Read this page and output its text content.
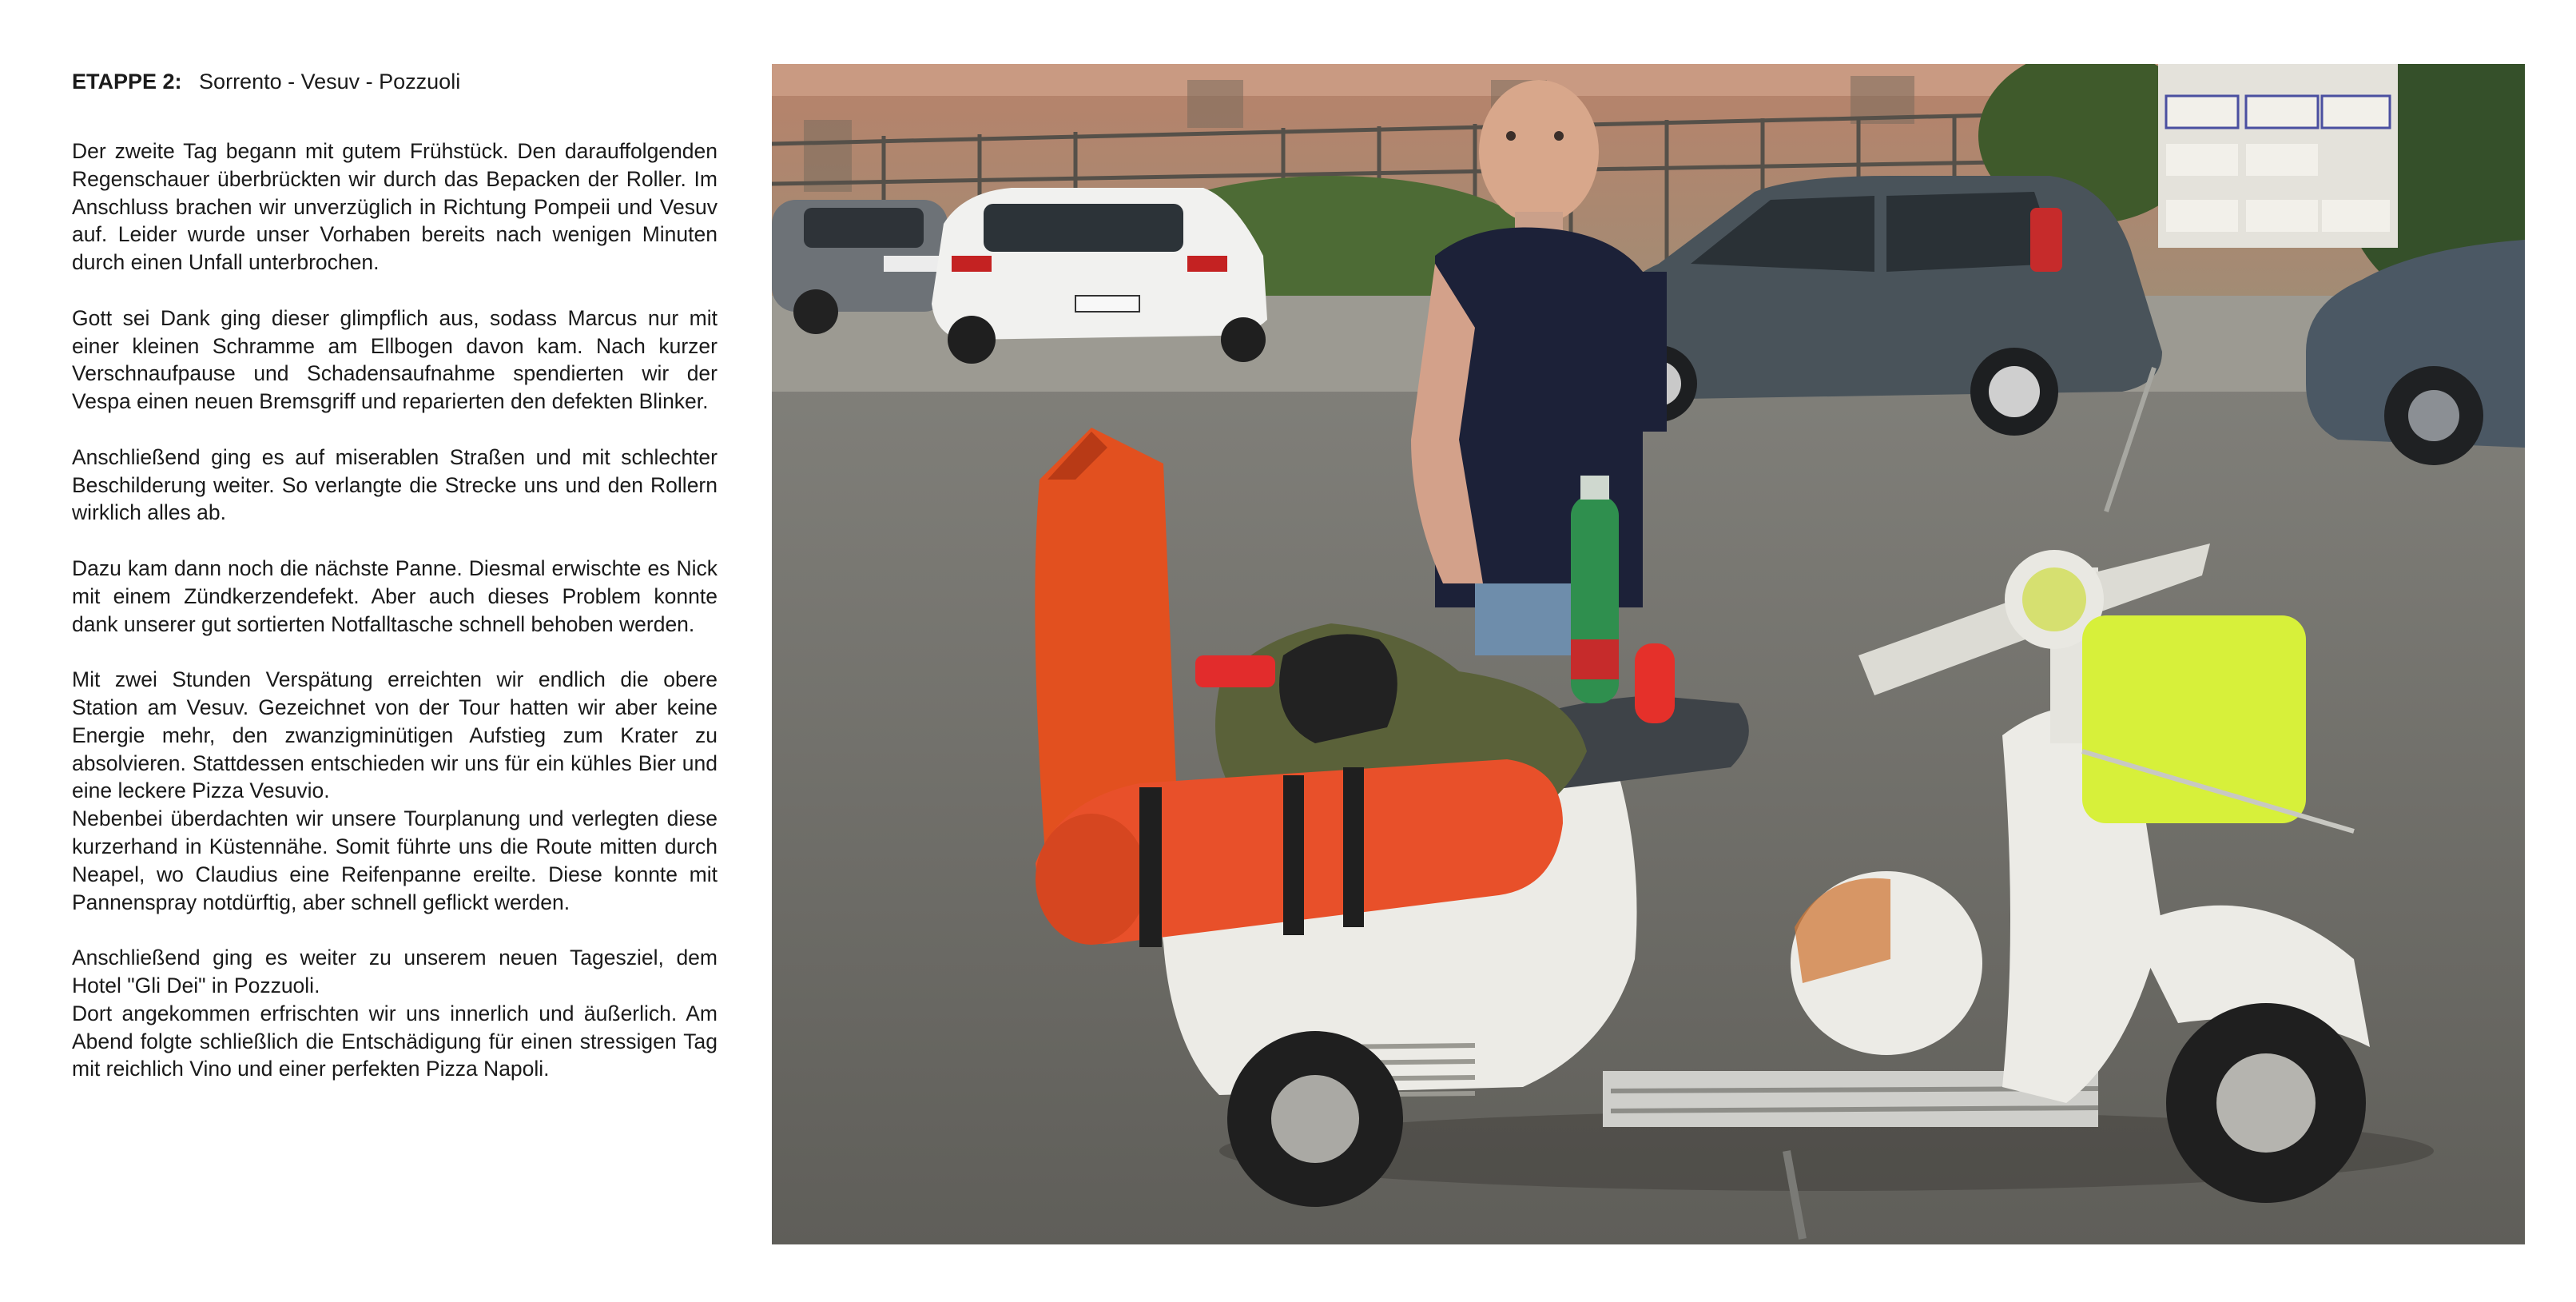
ETAPPE 2: Sorrento - Vesuv - Pozzuoli

Der zweite Tag begann mit gutem Frühstück. Den darauffolgenden Regenschauer überbrückten wir durch das Bepacken der Roller. Im Anschluss brachen wir unverzüglich in Richtung Pompeii und Vesuv auf. Leider wurde unser Vorhaben bereits nach wenigen Minuten durch einen Unfall unterbrochen.

Gott sei Dank ging dieser glimpflich aus, sodass Marcus nur mit einer kleinen Schramme am Ellbogen davon kam. Nach kurzer Verschnaufpause und Schadensaufnahme spendierten wir der Vespa einen neuen Bremsgriff und reparierten den defekten Blinker.

Anschließend ging es auf miserablen Straßen und mit schlechter Beschilderung weiter. So verlangte die Strecke uns und den Rollern wirklich alles ab.

Dazu kam dann noch die nächste Panne. Diesmal erwischte es Nick mit einem Zündkerzendefekt. Aber auch dieses Problem konnte dank unserer gut sortierten Notfalltasche schnell behoben werden.

Mit zwei Stunden Verspätung erreichten wir endlich die obere Station am Vesuv. Gezeichnet von der Tour hatten wir aber keine Energie mehr, den zwanzigminütigen Aufstieg zum Krater zu absolvieren. Stattdessen entschieden wir uns für ein kühles Bier und eine leckere Pizza Vesuvio.

Nebenbei überdachten wir unsere Tourplanung und verlegten diese kurzerhand in Küstennähe. Somit führte uns die Route mitten durch Neapel, wo Claudius eine Reifenpanne ereilte. Diese konnte mit Pannenspray notdürftig, aber schnell geflickt werden.

Anschließend ging es weiter zu unserem neuen Tagesziel, dem Hotel "Gli Dei" in Pozzuoli.

Dort angekommen erfrischten wir uns innerlich und äußerlich. Am Abend folgte schließlich die Entschädigung für einen stressigen Tag mit reichlich Vino und einer perfekten Pizza Napoli.
